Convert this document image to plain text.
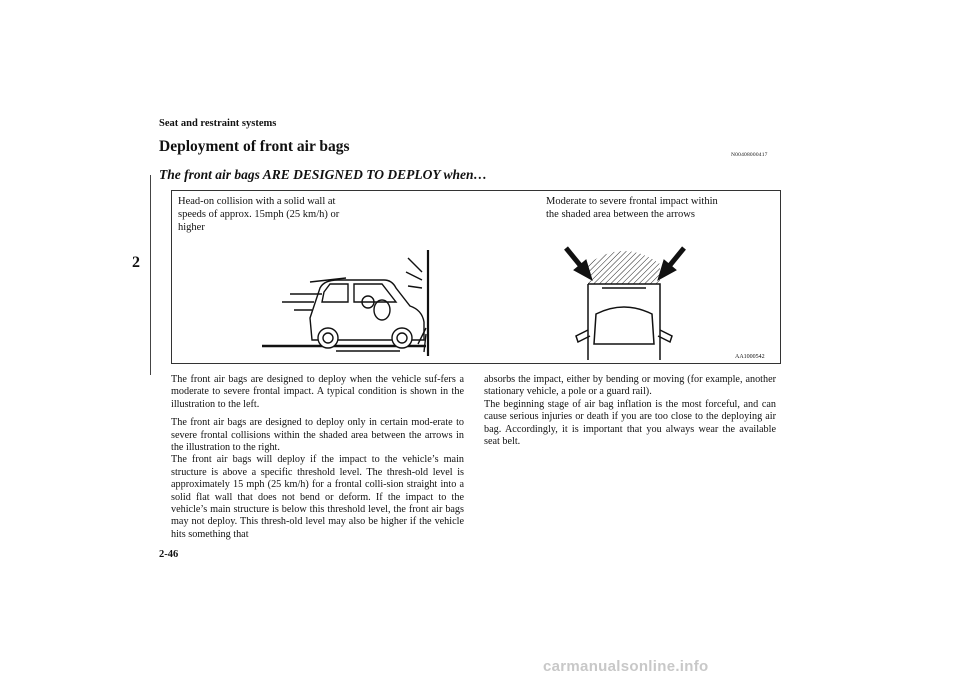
Seat and restraint systems
2
Deployment of front air bags	N00408000417
The front air bags ARE DESIGNED TO DEPLOY when…
Head-on collision with a solid wall at
speeds of approx. 15mph (25 km/h) or
higher
Moderate to severe frontal impact within
the shaded area between the arrows
AA1000542

The front air bags are designed to deploy when the vehicle suf-fers a moderate to severe frontal impact. A typical condition is shown in the illustration to the left.

The front air bags are designed to deploy only in certain mod-erate to severe frontal collisions within the shaded area between the arrows in the illustration to the right.
The front air bags will deploy if the impact to the vehicle’s main structure is above a specific threshold level. The thresh-old level is approximately 15 mph (25 km/h) for a frontal colli-sion straight into a solid flat wall that does not bend or deform. If the impact to the vehicle’s main structure is below this threshold level, the front air bags may not deploy. This thresh-old level may also be higher if the vehicle hits something that

absorbs the impact, either by bending or moving (for example, another stationary vehicle, a pole or a guard rail).
The beginning stage of air bag inflation is the most forceful, and can cause serious injuries or death if you are too close to the deploying air bag. Accordingly, it is important that you always wear the available seat belt.

2-46
carmanualsonline.info
